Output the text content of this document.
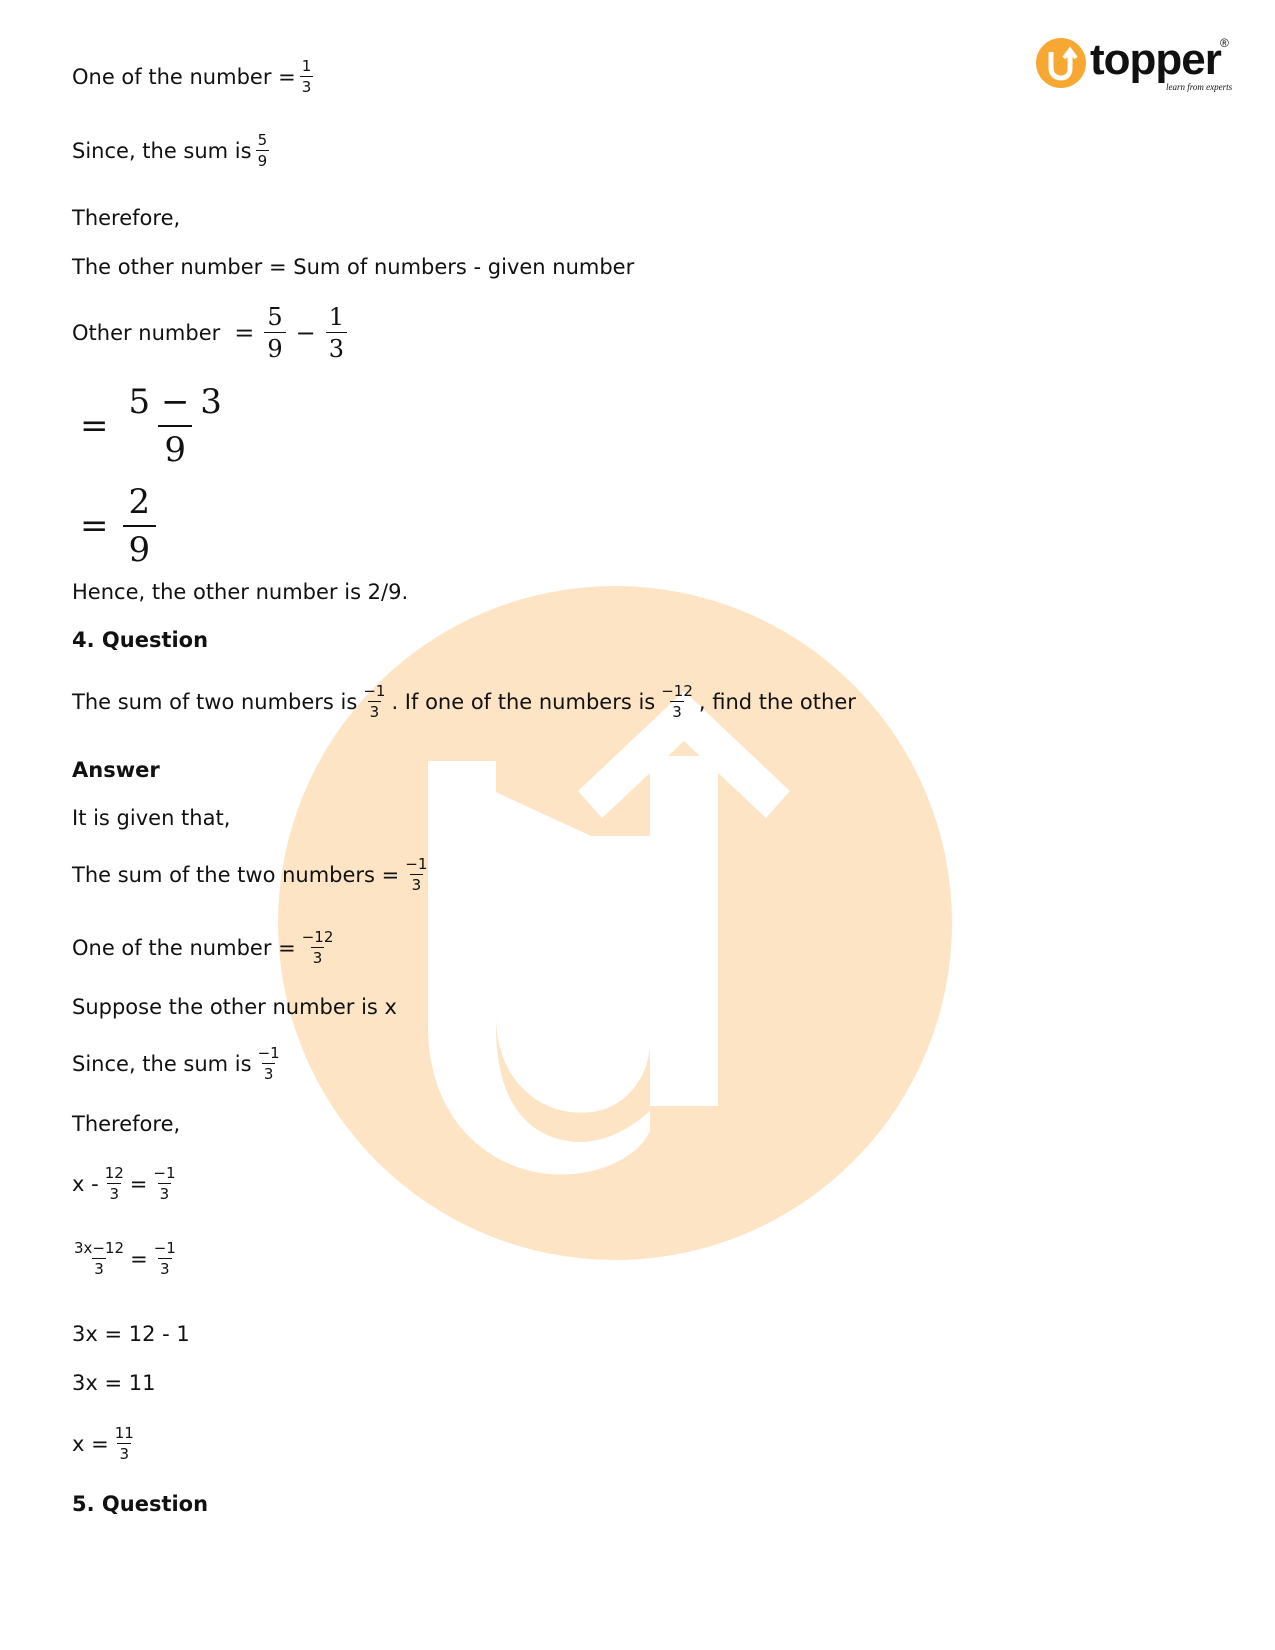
topper ®
learn from experts
One of the number = $\frac{1}{3}$
Since, the sum is $\frac{5}{9}$
Therefore,
The other number = Sum of numbers - given number
Other number = $\frac{5}{9} - \frac{1}{3}$
= $\frac{5 - 3}{9}$
= $\frac{2}{9}$
Hence, the other number is 2/9.
4. Question
The sum of two numbers is $\frac{-1}{3}$ . If one of the numbers is $\frac{-12}{3}$ , find the other
Answer
It is given that,
The sum of the two numbers = $\frac{-1}{3}$
One of the number = $\frac{-12}{3}$
Suppose the other number is x
Since, the sum is $\frac{-1}{3}$
Therefore,
$x - \frac{12}{3} = \frac{-1}{3}$
$\frac{3x-12}{3} = \frac{-1}{3}$
3x = 12 - 1
3x = 11
$x = \frac{11}{3}$
5. Question
